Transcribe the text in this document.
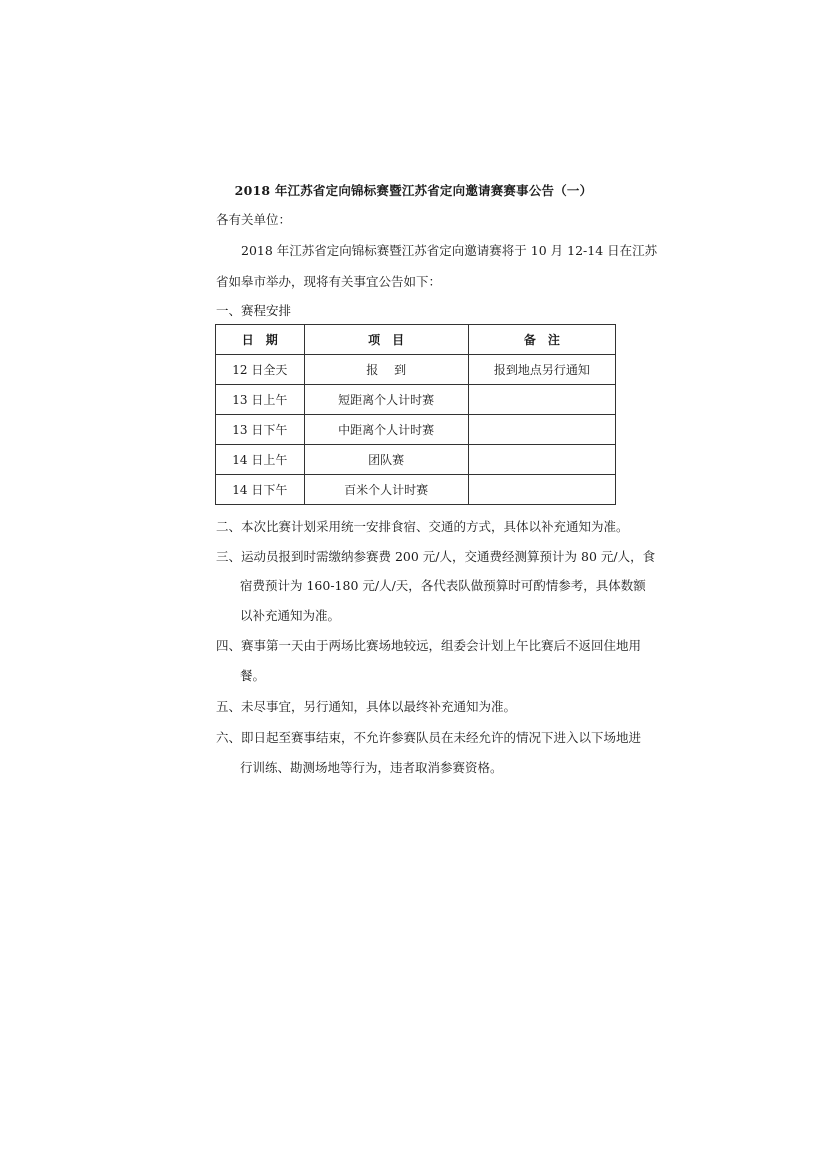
2018 年江苏省定向锦标赛暨江苏省定向邀请赛赛事公告（一）
各有关单位：
2018 年江苏省定向锦标赛暨江苏省定向邀请赛将于 10 月 12-14 日在江苏
省如皋市举办，现将有关事宜公告如下：
一、赛程安排
日　期	项　目	备　注
12 日全天	报　 到	报到地点另行通知
13 日上午	短距离个人计时赛	
13 日下午	中距离个人计时赛	
14 日上午	团队赛	
14 日下午	百米个人计时赛	
二、本次比赛计划采用统一安排食宿、交通的方式，具体以补充通知为准。
三、运动员报到时需缴纳参赛费 200 元/人，交通费经测算预计为 80 元/人，食
宿费预计为 160-180 元/人/天，各代表队做预算时可酌情参考，具体数额
以补充通知为准。
四、赛事第一天由于两场比赛场地较远，组委会计划上午比赛后不返回住地用
餐。
五、未尽事宜，另行通知，具体以最终补充通知为准。
六、即日起至赛事结束，不允许参赛队员在未经允许的情况下进入以下场地进
行训练、勘测场地等行为，违者取消参赛资格。
